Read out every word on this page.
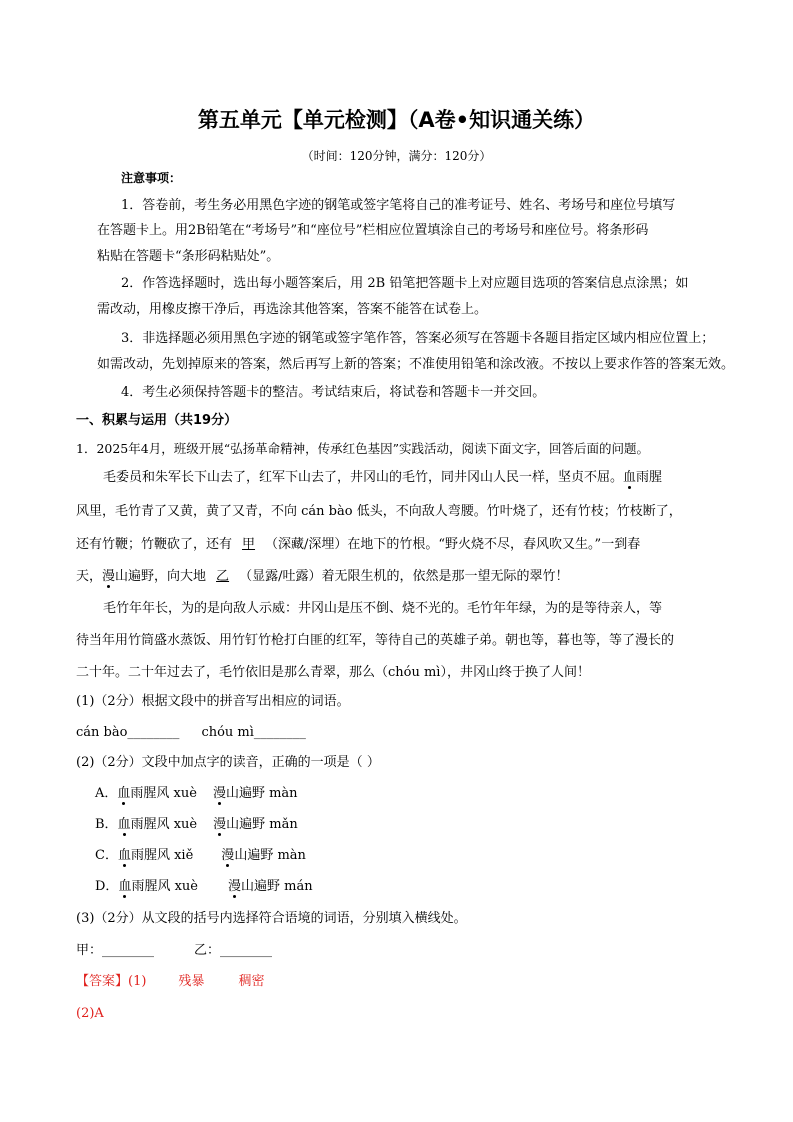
第五单元【单元检测】（A卷•知识通关练）
（时间：120分钟，满分：120分）
注意事项：
1．答卷前，考生务必用黑色字迹的钢笔或签字笔将自己的准考证号、姓名、考场号和座位号填写
在答题卡上。用2B铅笔在“考场号”和“座位号”栏相应位置填涂自己的考场号和座位号。将条形码
粘贴在答题卡“条形码粘贴处”。
2．作答选择题时，选出每小题答案后，用 2B 铅笔把答题卡上对应题目选项的答案信息点涂黑；如
需改动，用橡皮擦干净后，再选涂其他答案，答案不能答在试卷上。
3．非选择题必须用黑色字迹的钢笔或签字笔作答，答案必须写在答题卡各题目指定区域内相应位置上；
如需改动，先划掉原来的答案，然后再写上新的答案；不准使用铅笔和涂改液。不按以上要求作答的答案无效。
4．考生必须保持答题卡的整洁。考试结束后，将试卷和答题卡一并交回。
一、积累与运用（共19分）
1．2025年4月，班级开展“弘扬革命精神，传承红色基因”实践活动，阅读下面文字，回答后面的问题。
毛委员和朱军长下山去了，红军下山去了，井冈山的毛竹，同井冈山人民一样，坚贞不屈。血雨腥
风里，毛竹青了又黄，黄了又青，不向 cán bào 低头，不向敌人弯腰。竹叶烧了，还有竹枝；竹枝断了，
还有竹鞭；竹鞭砍了，还有 甲 （深藏/深埋）在地下的竹根。“野火烧不尽，春风吹又生。”一到春
天，漫山遍野，向大地 乙 （显露/吐露）着无限生机的，依然是那一望无际的翠竹！
毛竹年年长，为的是向敌人示威：井冈山是压不倒、烧不光的。毛竹年年绿，为的是等待亲人，等
待当年用竹筒盛水蒸饭、用竹钉竹枪打白匪的红军，等待自己的英雄子弟。朝也等，暮也等，等了漫长的
二十年。二十年过去了，毛竹依旧是那么青翠，那么（chóu mì），井冈山终于换了人间！
(1)（2分）根据文段中的拼音写出相应的词语。
cán bào________ chóu mì________
(2)（2分）文段中加点字的读音，正确的一项是（ ）
A．血雨腥风 xuè 漫山遍野 màn
B．血雨腥风 xuè 漫山遍野 mǎn
C．血雨腥风 xiě 漫山遍野 màn
D．血雨腥风 xuè 漫山遍野 mán
(3)（2分）从文段的括号内选择符合语境的词语，分别填入横线处。
甲：________	乙：________
【答案】(1) 残暴	稠密
(2)A
